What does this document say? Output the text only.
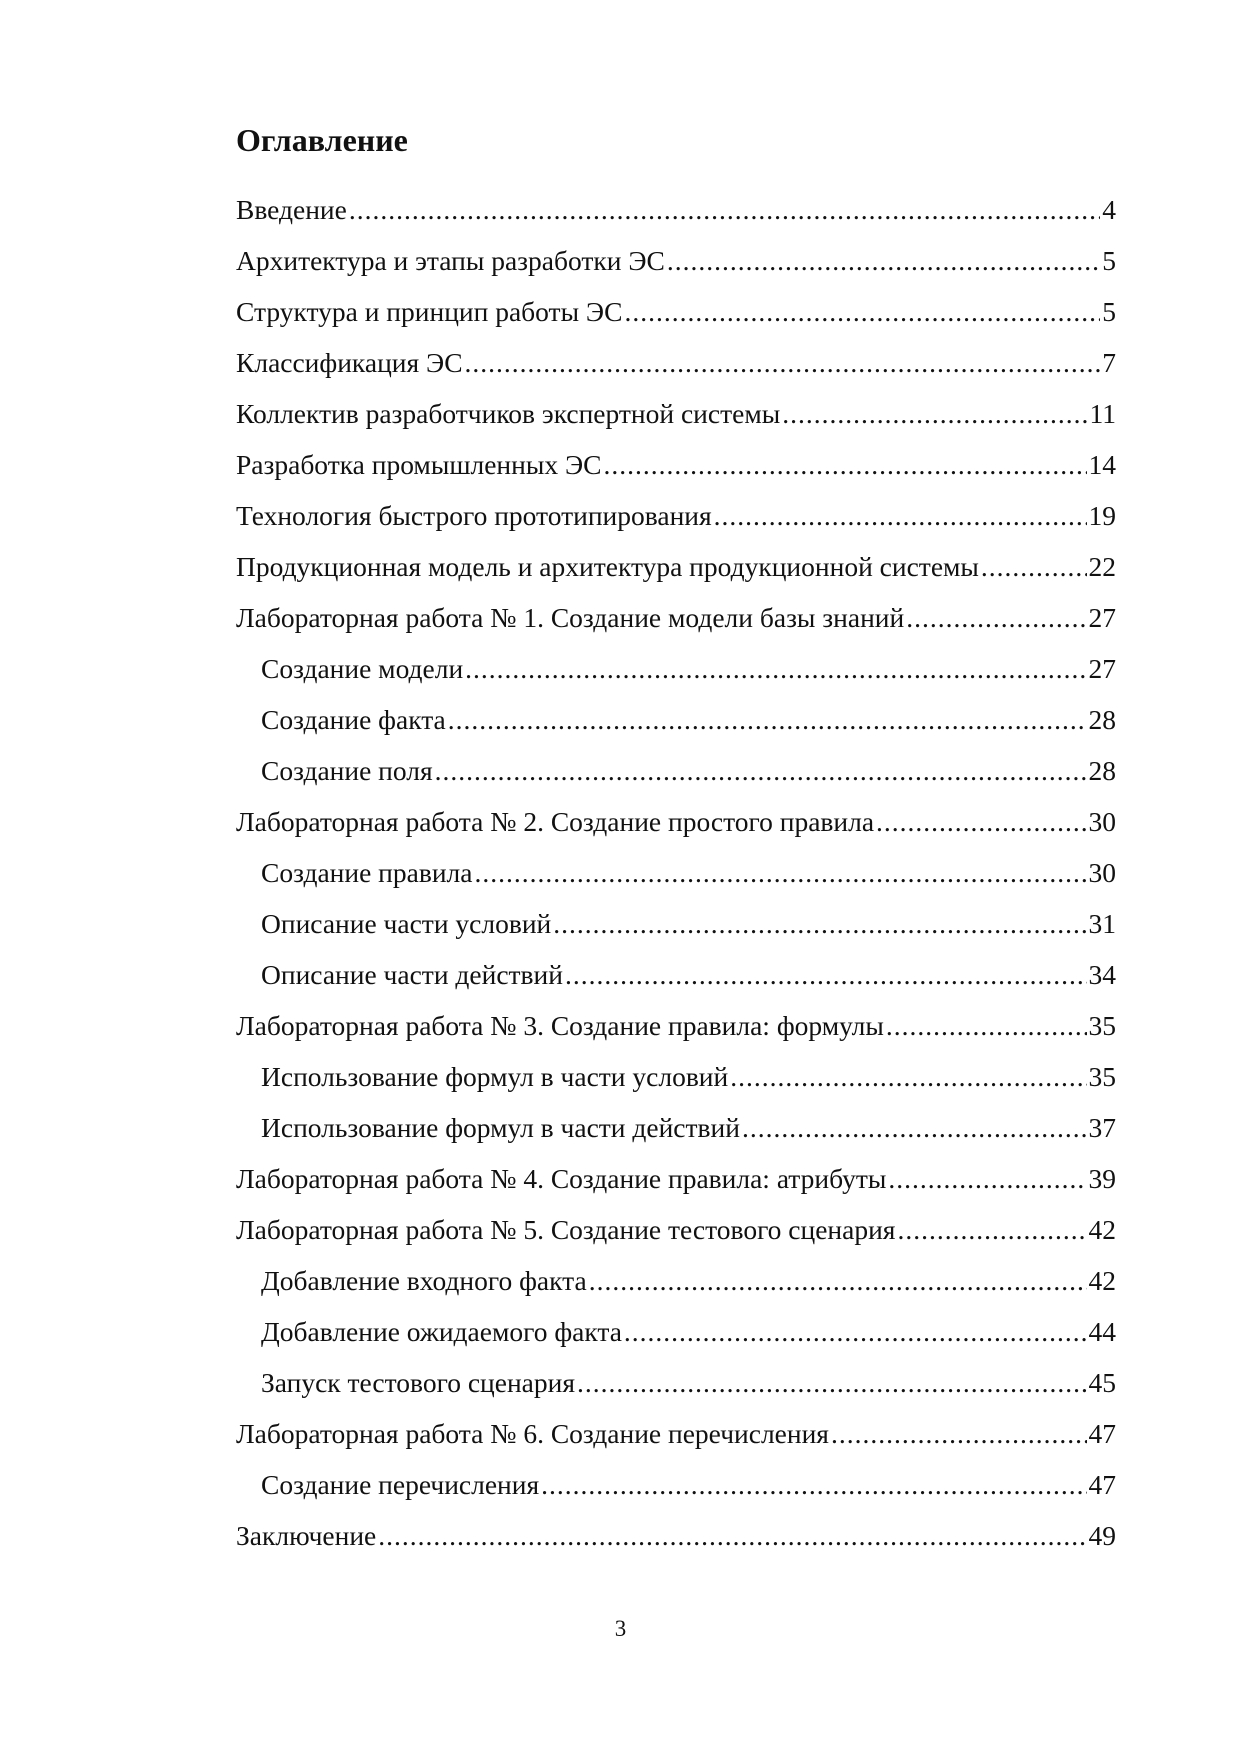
Оглавление
Введение .....	4
Архитектура и этапы разработки ЭС .....	5
Структура и принцип работы ЭС .....	5
Классификация ЭС .....	7
Коллектив разработчиков экспертной системы .....	11
Разработка промышленных ЭС .....	14
Технология быстрого прототипирования .....	19
Продукционная модель и архитектура продукционной системы .....	22
Лабораторная работа № 1. Создание модели базы знаний .....	27
Создание модели .....	27
Создание факта .....	28
Создание поля .....	28
Лабораторная работа № 2. Создание простого правила .....	30
Создание правила .....	30
Описание части условий .....	31
Описание части действий .....	34
Лабораторная работа № 3. Создание правила: формулы .....	35
Использование формул в части условий .....	35
Использование формул в части действий .....	37
Лабораторная работа № 4. Создание правила: атрибуты .....	39
Лабораторная работа № 5. Создание тестового сценария .....	42
Добавление входного факта .....	42
Добавление ожидаемого факта .....	44
Запуск тестового сценария .....	45
Лабораторная работа № 6. Создание перечисления .....	47
Создание перечисления .....	47
Заключение .....	49
3
